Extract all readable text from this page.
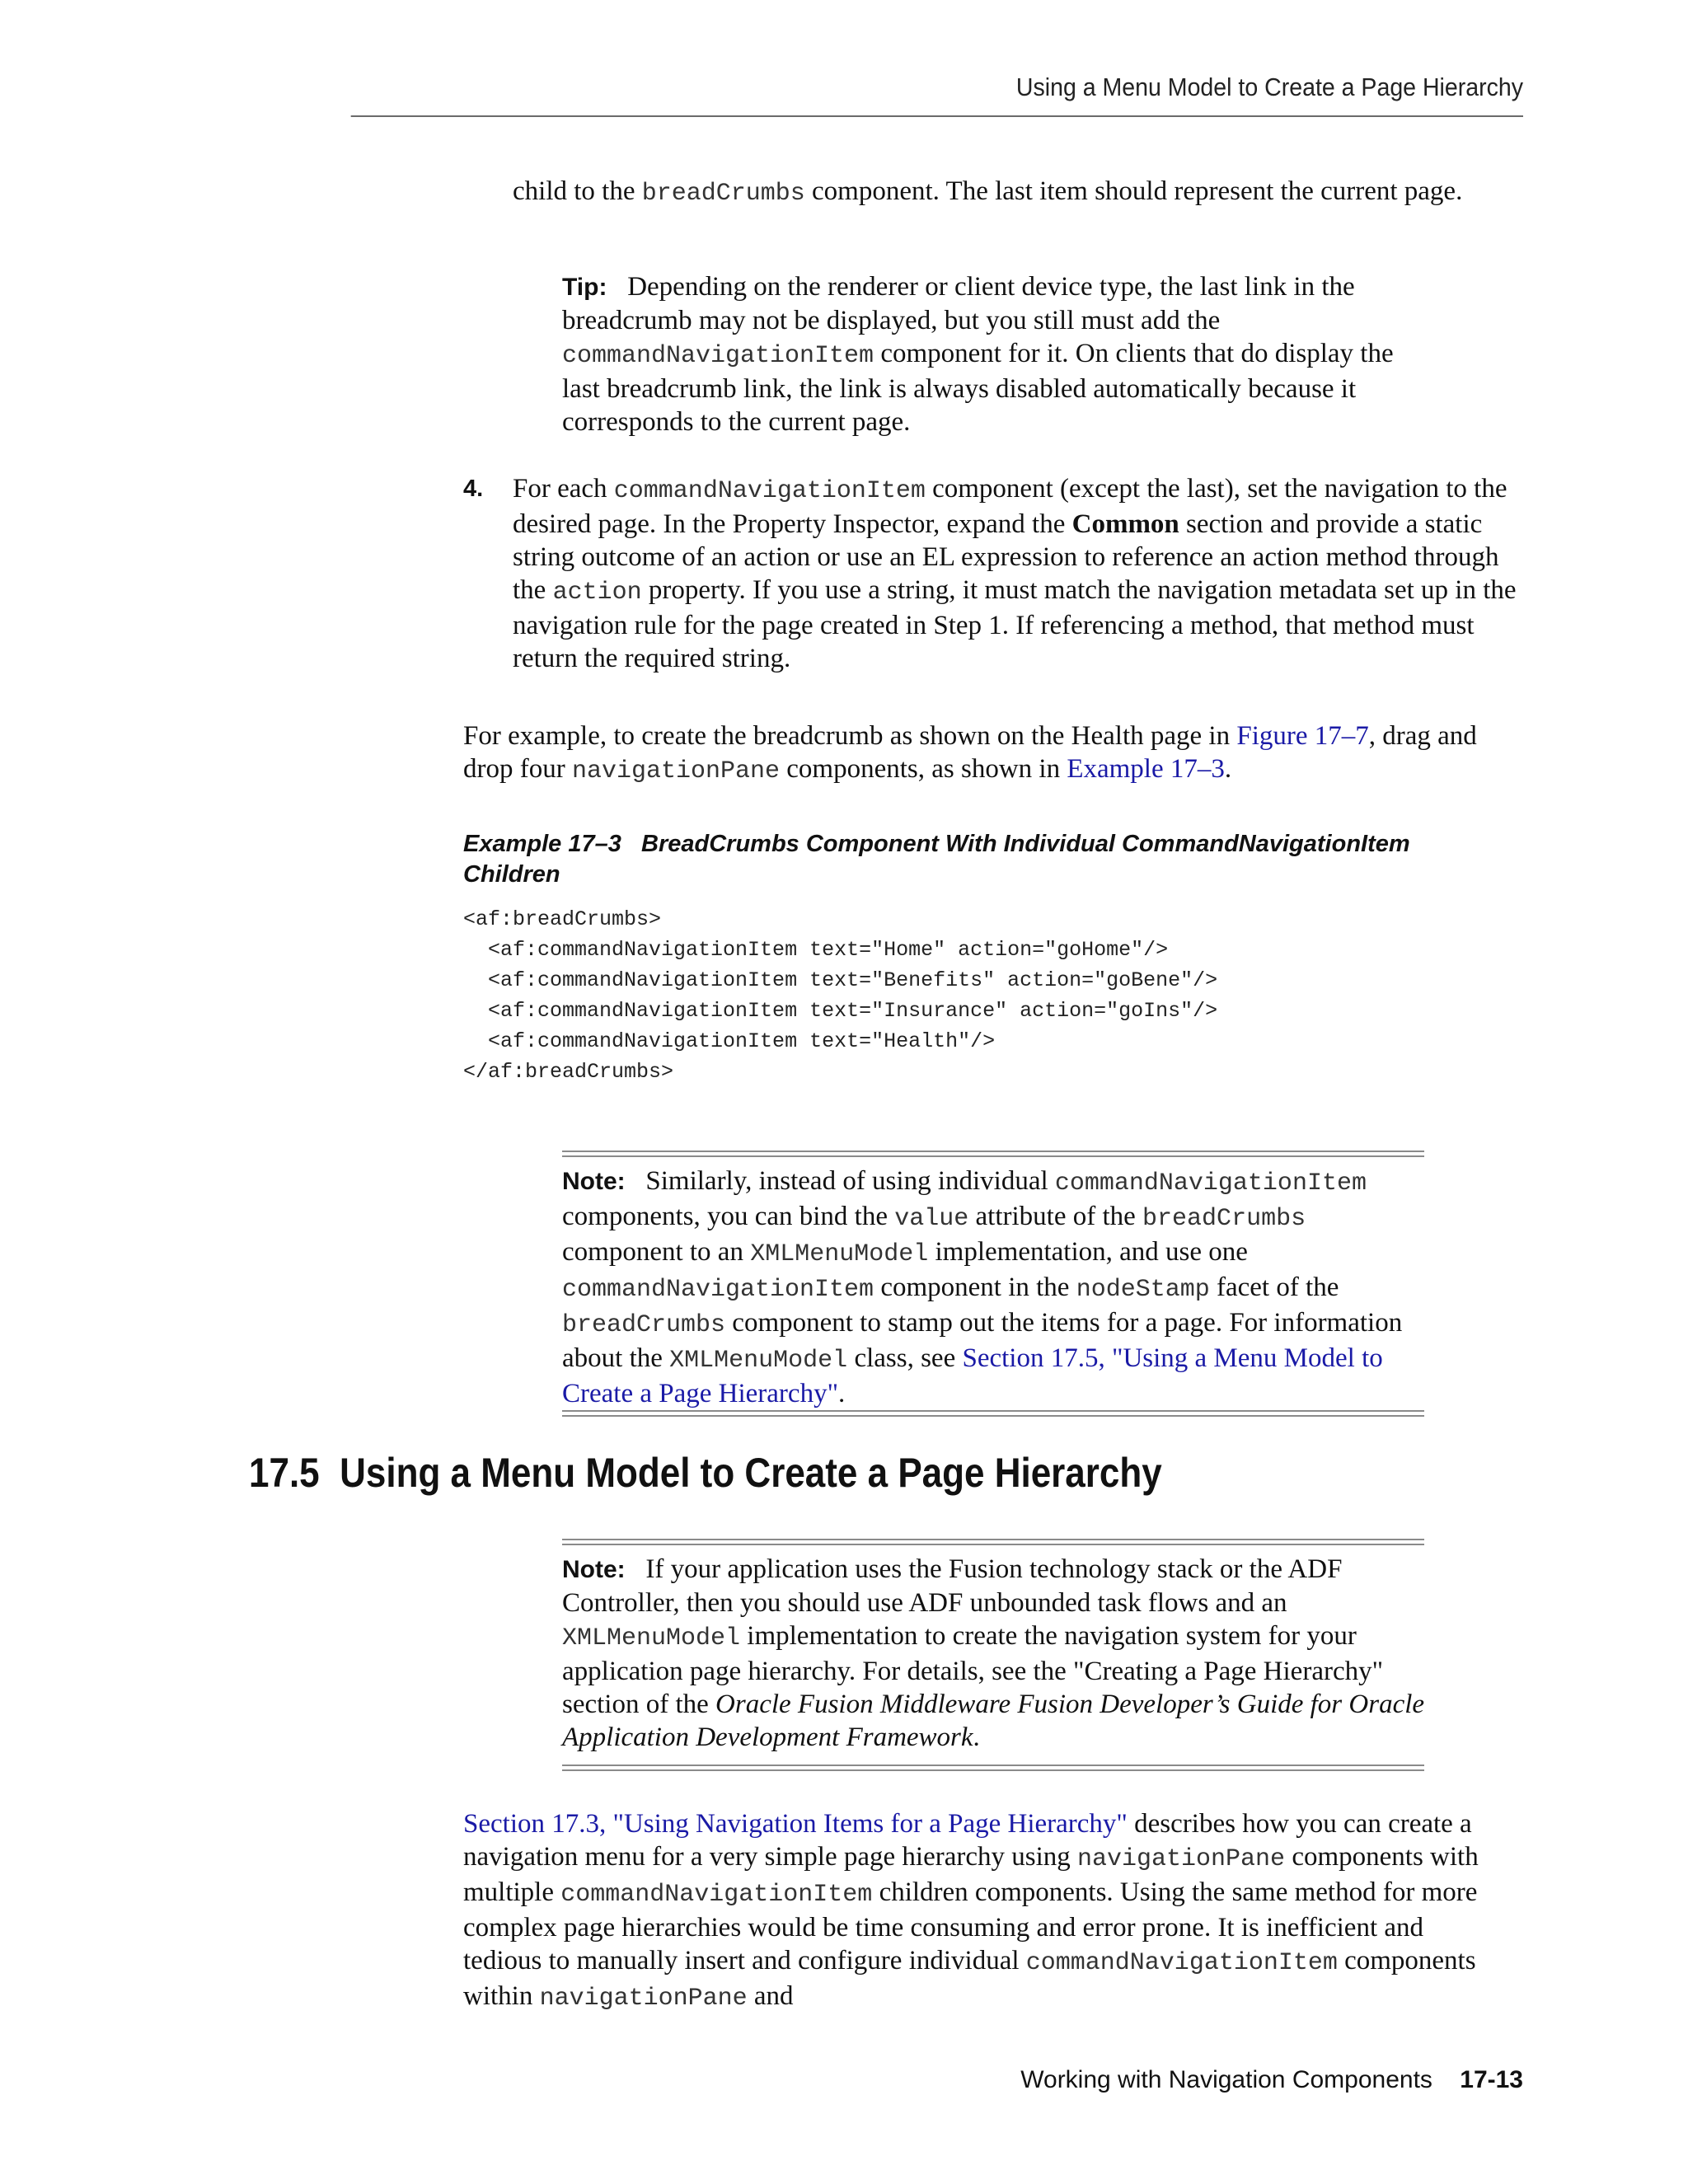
Using a Menu Model to Create a Page Hierarchy
child to the breadCrumbs component. The last item should represent the current page.
Tip: Depending on the renderer or client device type, the last link in the breadcrumb may not be displayed, but you still must add the commandNavigationItem component for it. On clients that do display the last breadcrumb link, the link is always disabled automatically because it corresponds to the current page.
4. For each commandNavigationItem component (except the last), set the navigation to the desired page. In the Property Inspector, expand the Common section and provide a static string outcome of an action or use an EL expression to reference an action method through the action property. If you use a string, it must match the navigation metadata set up in the navigation rule for the page created in Step 1. If referencing a method, that method must return the required string.
For example, to create the breadcrumb as shown on the Health page in Figure 17–7, drag and drop four navigationPane components, as shown in Example 17–3.
Example 17–3 BreadCrumbs Component With Individual CommandNavigationItem Children
<af:breadCrumbs>
<af:commandNavigationItem text="Home" action="goHome"/>
<af:commandNavigationItem text="Benefits" action="goBene"/>
<af:commandNavigationItem text="Insurance" action="goIns"/>
<af:commandNavigationItem text="Health"/>
</af:breadCrumbs>
Note: Similarly, instead of using individual commandNavigationItem components, you can bind the value attribute of the breadCrumbs component to an XMLMenuModel implementation, and use one commandNavigationItem component in the nodeStamp facet of the breadCrumbs component to stamp out the items for a page. For information about the XMLMenuModel class, see Section 17.5, "Using a Menu Model to Create a Page Hierarchy".
17.5 Using a Menu Model to Create a Page Hierarchy
Note: If your application uses the Fusion technology stack or the ADF Controller, then you should use ADF unbounded task flows and an XMLMenuModel implementation to create the navigation system for your application page hierarchy. For details, see the "Creating a Page Hierarchy" section of the Oracle Fusion Middleware Fusion Developer’s Guide for Oracle Application Development Framework.
Section 17.3, "Using Navigation Items for a Page Hierarchy" describes how you can create a navigation menu for a very simple page hierarchy using navigationPane components with multiple commandNavigationItem children components. Using the same method for more complex page hierarchies would be time consuming and error prone. It is inefficient and tedious to manually insert and configure individual commandNavigationItem components within navigationPane and
Working with Navigation Components 17-13
